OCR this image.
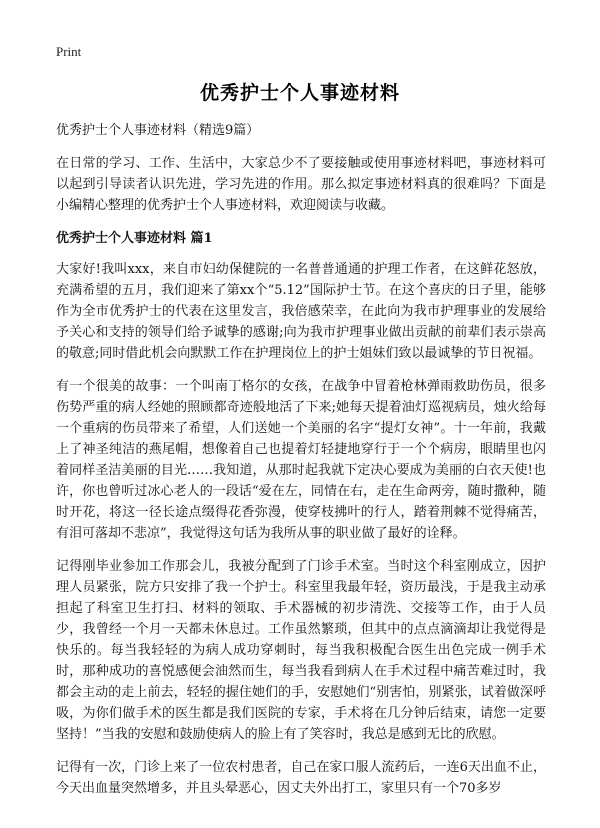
Print
优秀护士个人事迹材料

优秀护士个人事迹材料（精选9篇）

在日常的学习、工作、生活中，大家总少不了要接触或使用事迹材料吧，事迹材料可以起到引导读者认识先进，学习先进的作用。那么拟定事迹材料真的很难吗？下面是小编精心整理的优秀护士个人事迹材料，欢迎阅读与收藏。

优秀护士个人事迹材料 篇1

大家好!我叫xxx，来自市妇幼保健院的一名普普通通的护理工作者，在这鲜花怒放，充满希望的五月，我们迎来了第xx个“5.12”国际护士节。在这个喜庆的日子里，能够作为全市优秀护士的代表在这里发言，我倍感荣幸，在此向为我市护理事业的发展给予关心和支持的领导们给予诚挚的感谢;向为我市护理事业做出贡献的前辈们表示崇高的敬意;同时借此机会向默默工作在护理岗位上的护士姐妹们致以最诚挚的节日祝福。

有一个很美的故事：一个叫南丁格尔的女孩，在战争中冒着枪林弹雨救助伤员，很多伤势严重的病人经她的照顾都奇迹般地活了下来;她每天提着油灯巡视病员，烛火给每一个重病的伤员带来了希望，人们送她一个美丽的名字“提灯女神”。十一年前，我戴上了神圣纯洁的燕尾帽，想像着自己也提着灯轻捷地穿行于一个个病房，眼睛里也闪着同样圣洁美丽的目光……我知道，从那时起我就下定决心要成为美丽的白衣天使!也许，你也曾听过冰心老人的一段话“爱在左，同情在右，走在生命两旁，随时撒种，随时开花，将这一径长途点缀得花香弥漫，使穿枝拂叶的行人，踏着荆棘不觉得痛苦，有泪可落却不悲凉”，我觉得这句话为我所从事的职业做了最好的诠释。

记得刚毕业参加工作那会儿，我被分配到了门诊手术室。当时这个科室刚成立，因护理人员紧张，院方只安排了我一个护士。科室里我最年轻，资历最浅，于是我主动承担起了科室卫生打扫、材料的领取、手术器械的初步清洗、交接等工作，由于人员少，我曾经一个月一天都未休息过。工作虽然繁琐，但其中的点点滴滴却让我觉得是快乐的。每当我轻轻的为病人成功穿刺时，每当我积极配合医生出色完成一例手术时，那种成功的喜悦感便会油然而生，每当我看到病人在手术过程中痛苦难过时，我都会主动的走上前去，轻轻的握住她们的手，安慰她们“别害怕，别紧张，试着做深呼吸，为你们做手术的医生都是我们医院的专家，手术将在几分钟后结束，请您一定要坚持！”当我的安慰和鼓励使病人的脸上有了笑容时，我总是感到无比的欣慰。

记得有一次，门诊上来了一位农村患者，自己在家口服人流药后，一连6天出血不止，今天出血量突然增多，并且头晕恶心，因丈夫外出打工，家里只有一个70多岁
